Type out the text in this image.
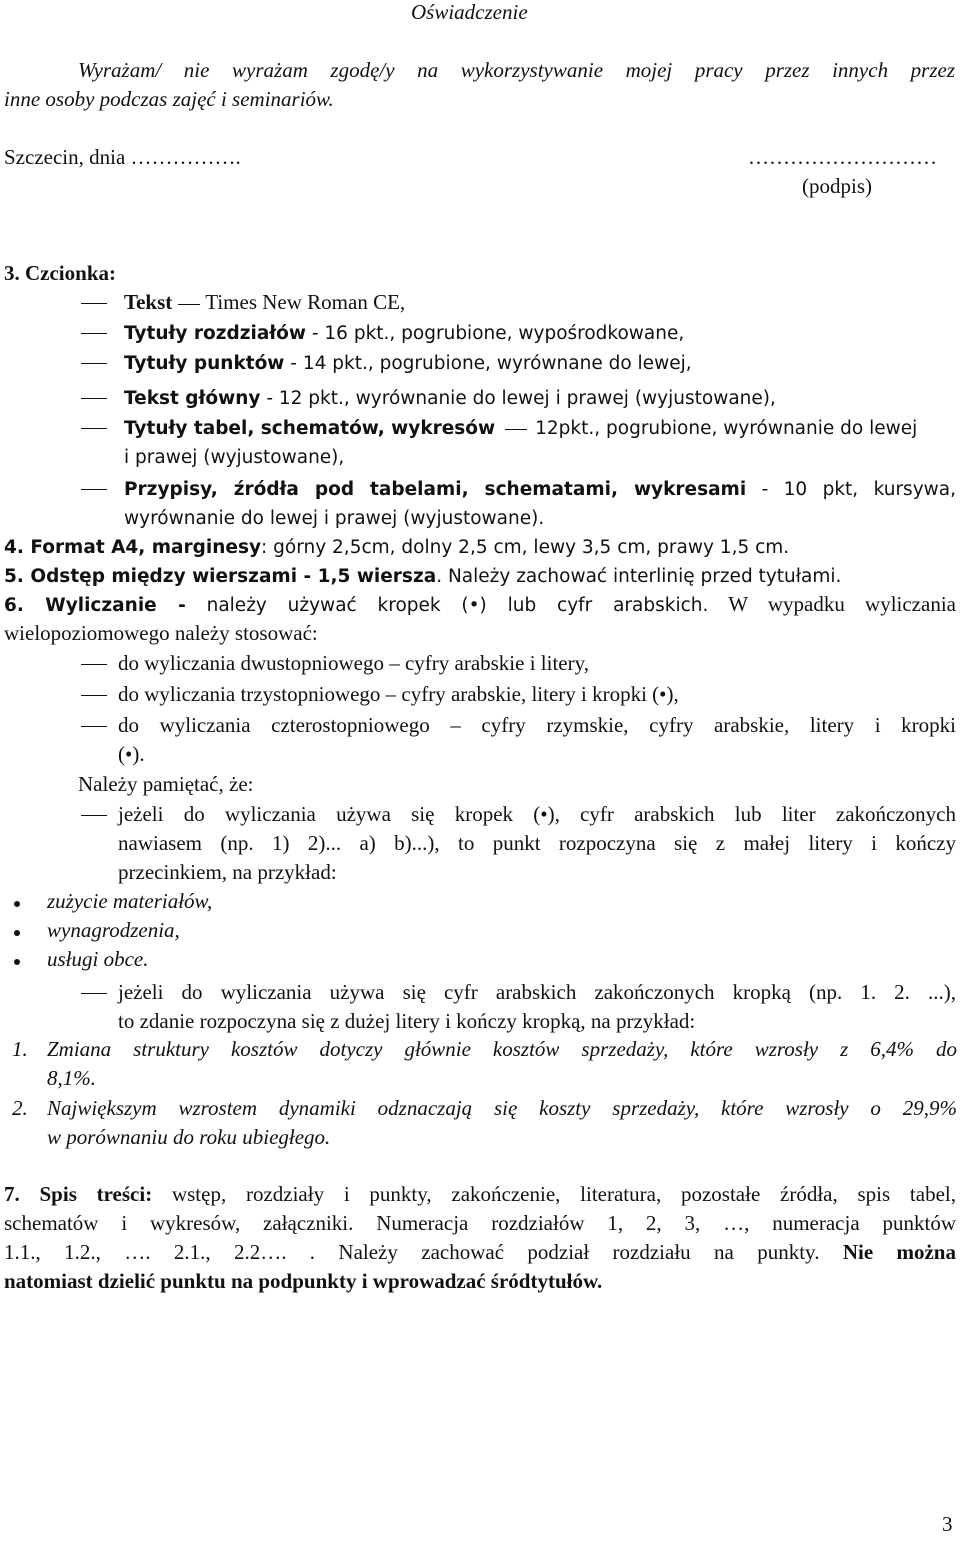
Oświadczenie
Wyrażam/ nie wyrażam zgodę/y na wykorzystywanie mojej pracy przez innych przez
inne osoby podczas zajęć i seminariów.
Szczecin, dnia …………….	………………………
(podpis)
3. Czcionka:
Tekst Times New Roman CE,
Tytuły rozdziałów - 16 pkt., pogrubione, wypośrodkowane,
Tytuły punktów - 14 pkt., pogrubione, wyrównane do lewej,
Tekst główny - 12 pkt., wyrównanie do lewej i prawej (wyjustowane),
Tytuły tabel, schematów, wykresów 12pkt., pogrubione, wyrównanie do lewej
i prawej (wyjustowane),
Przypisy, źródła pod tabelami, schematami, wykresami - 10 pkt, kursywa,
wyrównanie do lewej i prawej (wyjustowane).
4. Format A4, marginesy: górny 2,5cm, dolny 2,5 cm, lewy 3,5 cm, prawy 1,5 cm.
5. Odstęp między wierszami - 1,5 wiersza. Należy zachować interlinię przed tytułami.
6. Wyliczanie - należy używać kropek (•) lub cyfr arabskich. W wypadku wyliczania
wielopoziomowego należy stosować:
do wyliczania dwustopniowego – cyfry arabskie i litery,
do wyliczania trzystopniowego – cyfry arabskie, litery i kropki (•),
do wyliczania czterostopniowego – cyfry rzymskie, cyfry arabskie, litery i kropki
(•).
Należy pamiętać, że:
jeżeli do wyliczania używa się kropek (•), cyfr arabskich lub liter zakończonych
nawiasem (np. 1) 2)... a) b)...), to punkt rozpoczyna się z małej litery i kończy
przecinkiem, na przykład:
zużycie materiałów,
wynagrodzenia,
usługi obce.
jeżeli do wyliczania używa się cyfr arabskich zakończonych kropką (np. 1. 2. ...),
to zdanie rozpoczyna się z dużej litery i kończy kropką, na przykład:
1. Zmiana struktury kosztów dotyczy głównie kosztów sprzedaży, które wzrosły z 6,4% do
8,1%.
2. Największym wzrostem dynamiki odznaczają się koszty sprzedaży, które wzrosły o 29,9%
w porównaniu do roku ubiegłego.
7. Spis treści: wstęp, rozdziały i punkty, zakończenie, literatura, pozostałe źródła, spis tabel,
schematów i wykresów, załączniki. Numeracja rozdziałów 1, 2, 3, …, numeracja punktów
1.1., 1.2., …. 2.1., 2.2…. . Należy zachować podział rozdziału na punkty. Nie można
natomiast dzielić punktu na podpunkty i wprowadzać śródtytułów.
3
